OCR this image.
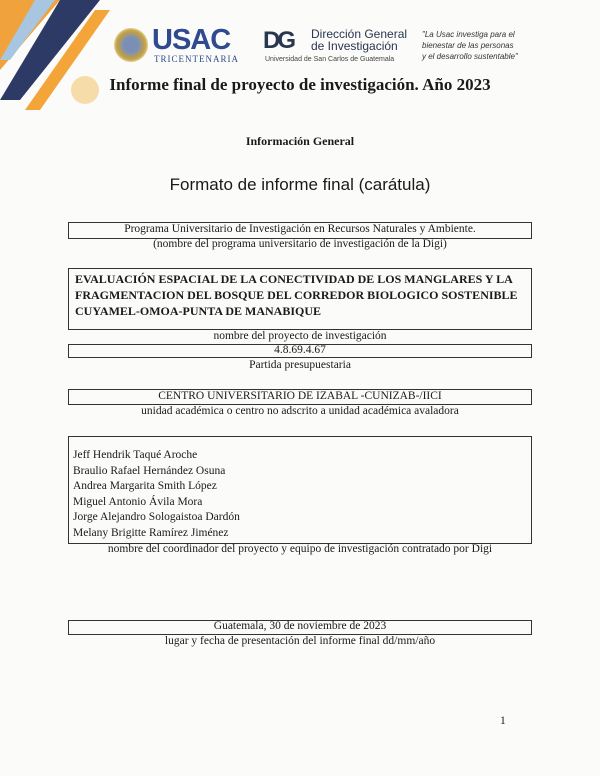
USAC
TRICENTENARIA
DG Dirección General
de Investigación
Universidad de San Carlos de Guatemala
"La Usac investiga para el
bienestar de las personas
y el desarrollo sustentable"
Informe final de proyecto de investigación. Año 2023
Información General
Formato de informe final (carátula)
Programa Universitario de Investigación en Recursos Naturales y Ambiente.
(nombre del programa universitario de investigación de la Digi)
EVALUACIÓN ESPACIAL DE LA CONECTIVIDAD DE LOS MANGLARES Y LA
FRAGMENTACION DEL BOSQUE DEL CORREDOR BIOLOGICO SOSTENIBLE
CUYAMEL-OMOA-PUNTA DE MANABIQUE
nombre del proyecto de investigación
4.8.69.4.67
Partida presupuestaria
CENTRO UNIVERSITARIO DE IZABAL -CUNIZAB-/IICI
unidad académica o centro no adscrito a unidad académica avaladora
Jeff Hendrik Taqué Aroche
Braulio Rafael Hernández Osuna
Andrea Margarita Smith López
Miguel Antonio Ávila Mora
Jorge Alejandro Sologaistoa Dardón
Melany Brigitte Ramírez Jiménez
nombre del coordinador del proyecto y equipo de investigación contratado por Digi
Guatemala, 30 de noviembre de 2023
lugar y fecha de presentación del informe final dd/mm/año
1
